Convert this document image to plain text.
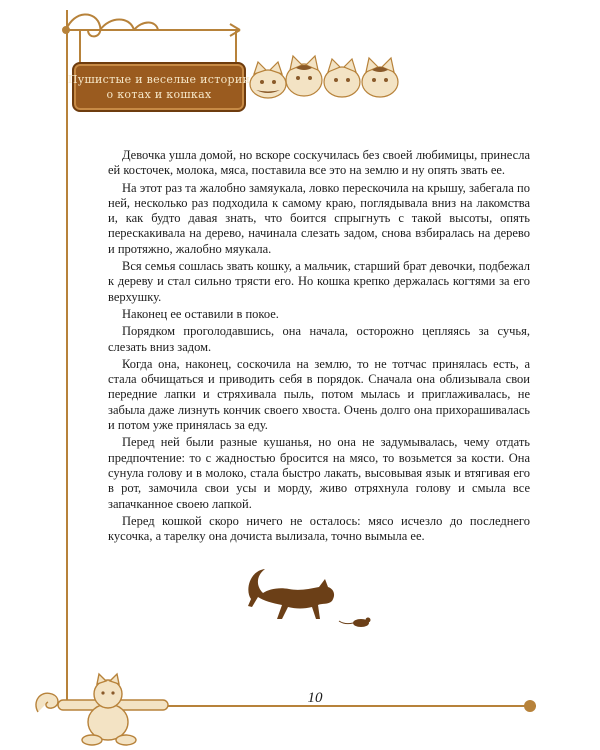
Пушистые и веселые истории
о котах и кошках

Девочка ушла домой, но вскоре соскучилась без своей любимицы, принесла ей косточек, молока, мяса, поставила все это на землю и ну опять звать ее.

На этот раз та жалобно замяукала, ловко перескочила на крышу, забегала по ней, несколько раз подходила к самому краю, поглядывала вниз на лакомства и, как будто давая знать, что боится спрыгнуть с такой высоты, опять перескакивала на дерево, начинала слезать задом, снова взбиралась на дерево и протяжно, жалобно мяукала.

Вся семья сошлась звать кошку, а мальчик, старший брат девочки, подбежал к дереву и стал сильно трясти его. Но кошка крепко держалась когтями за его верхушку.

Наконец ее оставили в покое.

Порядком проголодавшись, она начала, осторожно цепляясь за сучья, слезать вниз задом.

Когда она, наконец, соскочила на землю, то не тотчас принялась есть, а стала обчищаться и приводить себя в порядок. Сначала она облизывала свои передние лапки и стряхивала пыль, потом мылась и приглаживалась, не забыла даже лизнуть кончик своего хвоста. Очень долго она прихорашивалась и потом уже принялась за еду.

Перед ней были разные кушанья, но она не задумывалась, чему отдать предпочтение: то с жадностью бросится на мясо, то возьмется за кости. Она сунула голову и в молоко, стала быстро лакать, высовывая язык и втягивая его в рот, замочила свои усы и морду, живо отряхнула голову и смыла все запачканное своею лапкой.

Перед кошкой скоро ничего не осталось: мясо исчезло до последнего кусочка, а тарелку она дочиста вылизала, точно вымыла ее.

10
